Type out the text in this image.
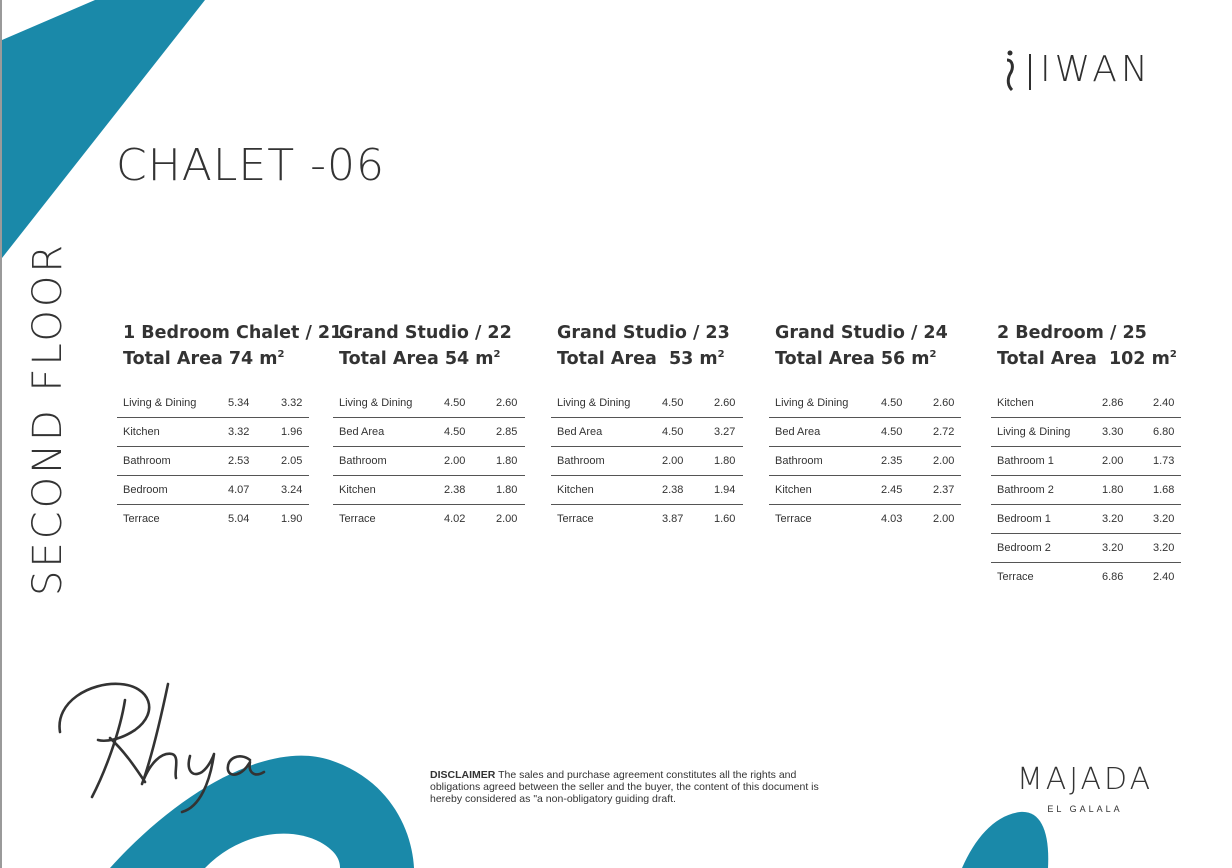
IWAN
CHALET -06
SECOND FLOOR	1 Bedroom Chalet / 21
Total Area 74 $m^2$
Living & Dining	5.34	3.32
Kitchen	3.32	1.96
Bathroom	2.53	2.05
Bedroom	4.07	3.24
Terrace	5.04	1.90
Grand Studio / 22
Total Area 54 $m^2$
Living & Dining	4.50	2.60
Bed Area	4.50	2.85
Bathroom	2.00	1.80
Kitchen	2.38	1.80
Terrace	4.02	2.00
Grand Studio / 23
Total Area 53 $m^2$
Living & Dining	4.50	2.60
Bed Area	4.50	3.27
Bathroom	2.00	1.80
Kitchen	2.38	1.94
Terrace	3.87	1.60
Grand Studio / 24
Total Area 56 $m^2$
Living & Dining	4.50	2.60
Bed Area	4.50	2.72
Bathroom	2.35	2.00
Kitchen	2.45	2.37
Terrace	4.03	2.00
2 Bedroom / 25
Total Area 102 $m^2$
Kitchen	2.86	2.40
Living & Dining	3.30	6.80
Bathroom 1	2.00	1.73
Bathroom 2	1.80	1.68
Bedroom 1	3.20	3.20
Bedroom 2	3.20	3.20
Terrace	6.86	2.40
DISCLAIMER The sales and purchase agreement constitutes all the rights and obligations agreed between the seller and the buyer, the content of this document is hereby considered as "a non-obligatory guiding draft.
MAJADA
EL GALALA
